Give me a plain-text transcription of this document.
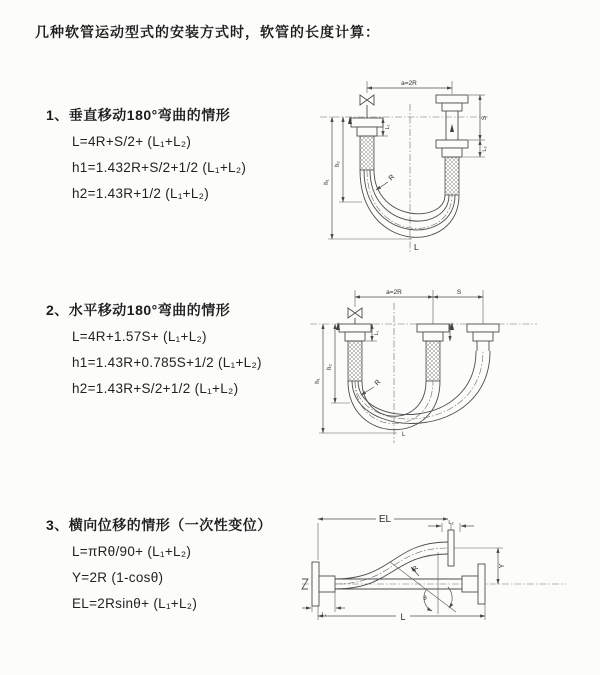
几种软管运动型式的安装方式时，软管的长度计算：
1、垂直移动180°弯曲的情形
L=4R+S/2+ (L₁+L₂)
h1=1.432R+S/2+1/2 (L₁+L₂)
h2=1.43R+1/2 (L₁+L₂)
2、水平移动180°弯曲的情形
L=4R+1.57S+ (L₁+L₂)
h1=1.43R+0.785S+1/2 (L₁+L₂)
h2=1.43R+S/2+1/2 (L₁+L₂)
3、横向位移的情形（一次性变位）
L=πRθ/90+ (L₁+L₂)
Y=2R (1-cosθ)
EL=2Rsinθ+ (L₁+L₂)
a=2R
h₁
h₂
L₁
S
L₂
R
L
a=2R	S
h₁
h₂
L₁
R
L
θ
R
EL	L₂
Y
L
L₁
